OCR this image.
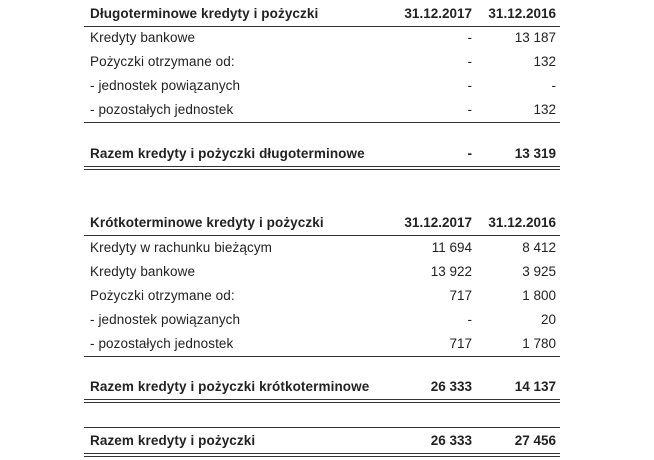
Długoterminowe kredyty i pożyczki	31.12.2017 31.12.2016
Kredyty bankowe	-	13 187
Pożyczki otrzymane od:	-	132
- jednostek powiązanych	-	-
- pozostałych jednostek	-	132
Razem kredyty i pożyczki długoterminowe	-	13 319
Krótkoterminowe kredyty i pożyczki	31.12.2017 31.12.2016
Kredyty w rachunku bieżącym	11 694	8 412
Kredyty bankowe	13 922	3 925
Pożyczki otrzymane od:	717	1 800
- jednostek powiązanych	-	20
- pozostałych jednostek	717	1 780
Razem kredyty i pożyczki krótkoterminowe	26 333	14 137
Razem kredyty i pożyczki	26 333	27 456
